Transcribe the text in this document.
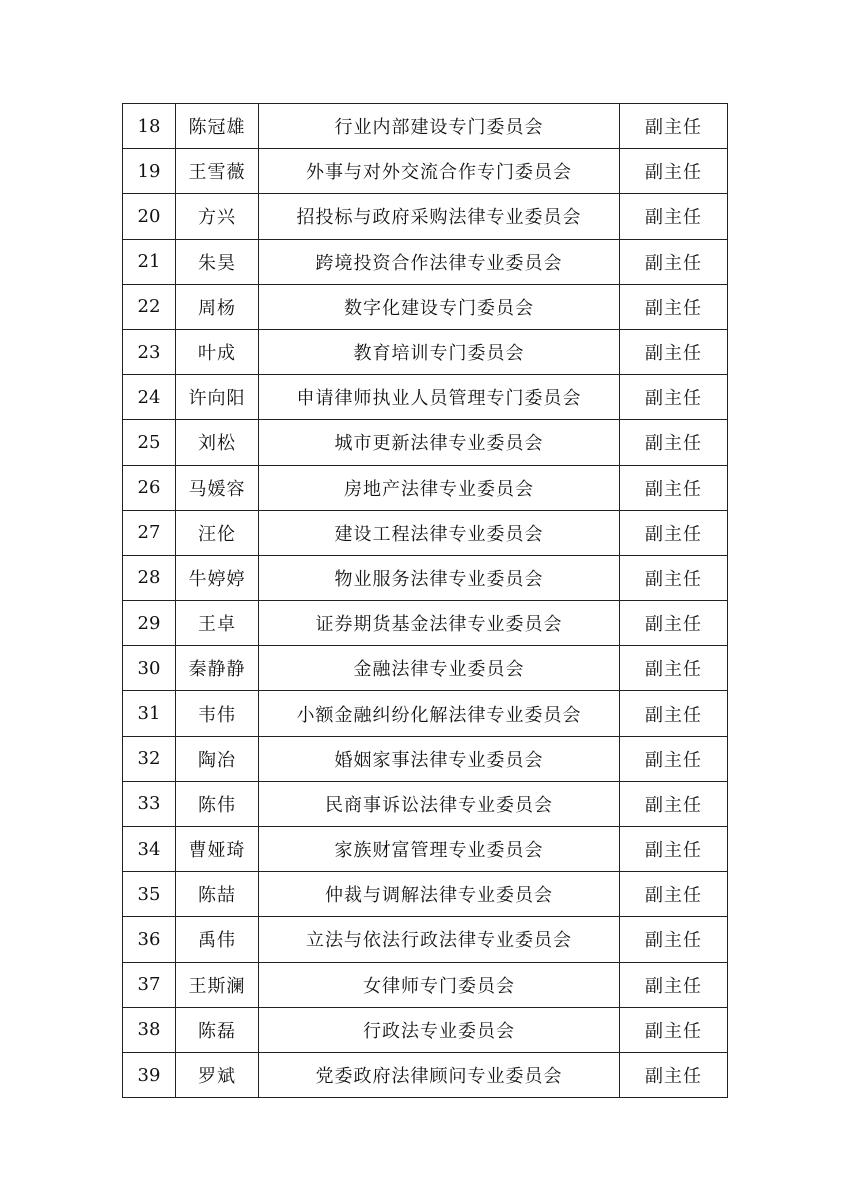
18	陈冠雄	行业内部建设专门委员会	副主任
19	王雪薇	外事与对外交流合作专门委员会	副主任
20	方兴	招投标与政府采购法律专业委员会	副主任
21	朱昊	跨境投资合作法律专业委员会	副主任
22	周杨	数字化建设专门委员会	副主任
23	叶成	教育培训专门委员会	副主任
24	许向阳	申请律师执业人员管理专门委员会	副主任
25	刘松	城市更新法律专业委员会	副主任
26	马媛容	房地产法律专业委员会	副主任
27	汪伦	建设工程法律专业委员会	副主任
28	牛婷婷	物业服务法律专业委员会	副主任
29	王卓	证券期货基金法律专业委员会	副主任
30	秦静静	金融法律专业委员会	副主任
31	韦伟	小额金融纠纷化解法律专业委员会	副主任
32	陶冶	婚姻家事法律专业委员会	副主任
33	陈伟	民商事诉讼法律专业委员会	副主任
34	曹娅琦	家族财富管理专业委员会	副主任
35	陈喆	仲裁与调解法律专业委员会	副主任
36	禹伟	立法与依法行政法律专业委员会	副主任
37	王斯澜	女律师专门委员会	副主任
38	陈磊	行政法专业委员会	副主任
39	罗斌	党委政府法律顾问专业委员会	副主任
